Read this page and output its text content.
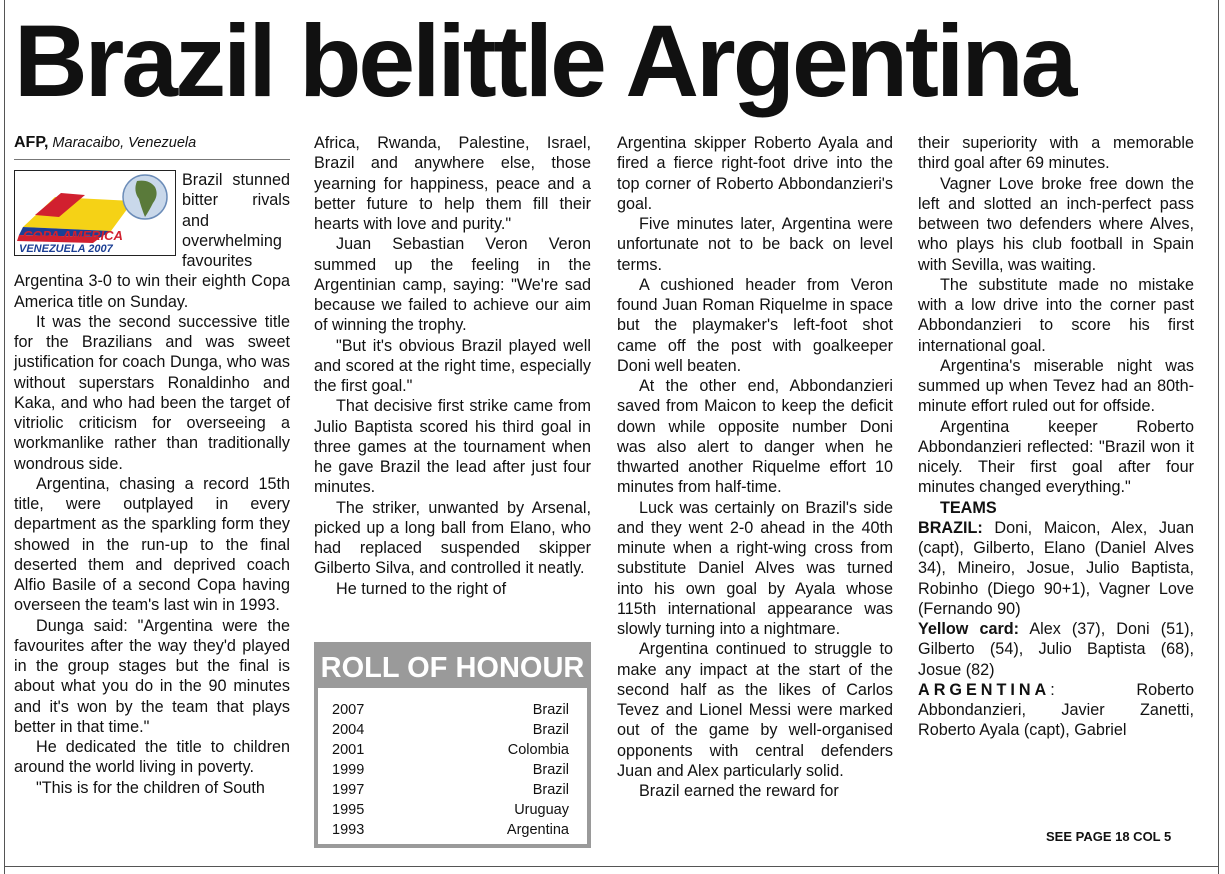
Brazil belittle Argentina
AFP, Maracaibo, Venezuela
COPA AMERICA
VENEZUELA 2007

Brazil stunned bitter rivals and overwhelming favourites Argentina 3-0 to win their eighth Copa America title on Sunday.

It was the second successive title for the Brazilians and was sweet justification for coach Dunga, who was without superstars Ronaldinho and Kaka, and who had been the target of vitriolic criticism for overseeing a workmanlike rather than traditionally wondrous side.

Argentina, chasing a record 15th title, were outplayed in every department as the sparkling form they showed in the run-up to the final deserted them and deprived coach Alfio Basile of a second Copa having overseen the team's last win in 1993.

Dunga said: "Argentina were the favourites after the way they'd played in the group stages but the final is about what you do in the 90 minutes and it's won by the team that plays better in that time."

He dedicated the title to children around the world living in poverty.

"This is for the children of South

Africa, Rwanda, Palestine, Israel, Brazil and anywhere else, those yearning for happiness, peace and a better future to help them fill their hearts with love and purity."

Juan Sebastian Veron Veron summed up the feeling in the Argentinian camp, saying: "We're sad because we failed to achieve our aim of winning the trophy.

"But it's obvious Brazil played well and scored at the right time, especially the first goal."

That decisive first strike came from Julio Baptista scored his third goal in three games at the tournament when he gave Brazil the lead after just four minutes.

The striker, unwanted by Arsenal, picked up a long ball from Elano, who had replaced suspended skipper Gilberto Silva, and controlled it neatly.

He turned to the right of

ROLL OF HONOUR
2007	Brazil
2004	Brazil
2001	Colombia
1999	Brazil
1997	Brazil
1995	Uruguay
1993	Argentina

Argentina skipper Roberto Ayala and fired a fierce right-foot drive into the top corner of Roberto Abbondanzieri's goal.

Five minutes later, Argentina were unfortunate not to be back on level terms.

A cushioned header from Veron found Juan Roman Riquelme in space but the playmaker's left-foot shot came off the post with goalkeeper Doni well beaten.

At the other end, Abbondanzieri saved from Maicon to keep the deficit down while opposite number Doni was also alert to danger when he thwarted another Riquelme effort 10 minutes from half-time.

Luck was certainly on Brazil's side and they went 2-0 ahead in the 40th minute when a right-wing cross from substitute Daniel Alves was turned into his own goal by Ayala whose 115th international appearance was slowly turning into a nightmare.

Argentina continued to struggle to make any impact at the start of the second half as the likes of Carlos Tevez and Lionel Messi were marked out of the game by well-organised opponents with central defenders Juan and Alex particularly solid.

Brazil earned the reward for

their superiority with a memorable third goal after 69 minutes.

Vagner Love broke free down the left and slotted an inch-perfect pass between two defenders where Alves, who plays his club football in Spain with Sevilla, was waiting.

The substitute made no mistake with a low drive into the corner past Abbondanzieri to score his first international goal.

Argentina's miserable night was summed up when Tevez had an 80th-minute effort ruled out for offside.

Argentina keeper Roberto Abbondanzieri reflected: "Brazil won it nicely. Their first goal after four minutes changed everything."

TEAMS

BRAZIL: Doni, Maicon, Alex, Juan (capt), Gilberto, Elano (Daniel Alves 34), Mineiro, Josue, Julio Baptista, Robinho (Diego 90+1), Vagner Love (Fernando 90)

Yellow card: Alex (37), Doni (51), Gilberto (54), Julio Baptista (68), Josue (82)

ARGENTINA: Roberto Abbondanzieri, Javier Zanetti, Roberto Ayala (capt), Gabriel

SEE PAGE 18 COL 5
